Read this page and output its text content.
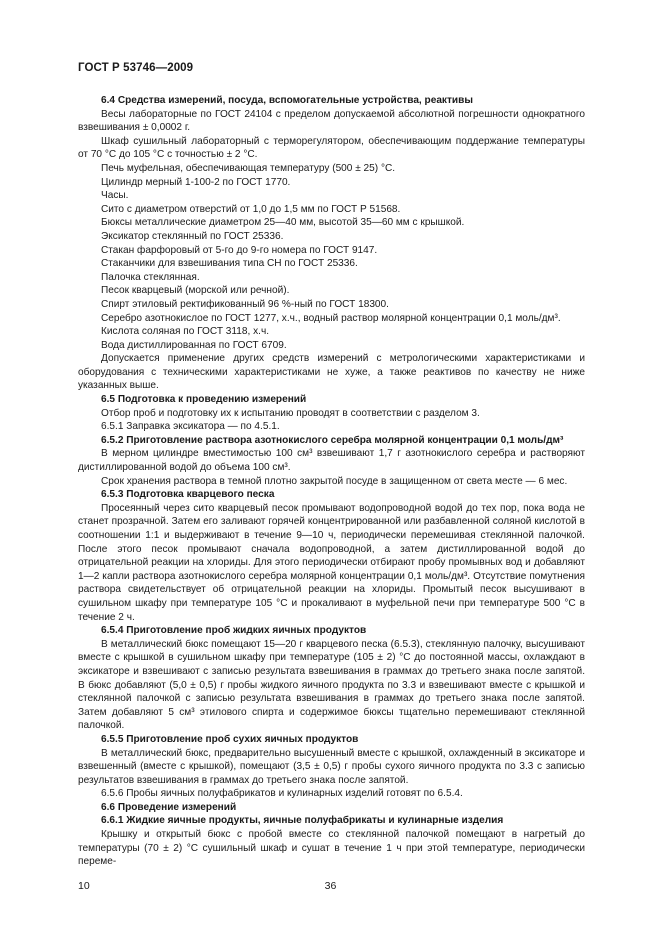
ГОСТ Р 53746—2009

6.4 Средства измерений, посуда, вспомогательные устройства, реактивы

Весы лабораторные по ГОСТ 24104 с пределом допускаемой абсолютной погрешности однократного взвешивания ± 0,0002 г.

Шкаф сушильный лабораторный с терморегулятором, обеспечивающим поддержание температуры от 70 °С до 105 °С с точностью ± 2 °С.

Печь муфельная, обеспечивающая температуру (500 ± 25) °С.

Цилиндр мерный 1-100-2 по ГОСТ 1770.

Часы.

Сито с диаметром отверстий от 1,0 до 1,5 мм по ГОСТ Р 51568.

Бюксы металлические диаметром 25—40 мм, высотой 35—60 мм с крышкой.

Эксикатор стеклянный по ГОСТ 25336.

Стакан фарфоровый от 5-го до 9-го номера по ГОСТ 9147.

Стаканчики для взвешивания типа СН по ГОСТ 25336.

Палочка стеклянная.

Песок кварцевый (морской или речной).

Спирт этиловый ректификованный 96 %-ный по ГОСТ 18300.

Серебро азотнокислое по ГОСТ 1277, х.ч., водный раствор молярной концентрации 0,1 моль/дм³.

Кислота соляная по ГОСТ 3118, х.ч.

Вода дистиллированная по ГОСТ 6709.

Допускается применение других средств измерений с метрологическими характеристиками и оборудования с техническими характеристиками не хуже, а также реактивов по качеству не ниже указанных выше.

6.5 Подготовка к проведению измерений

Отбор проб и подготовку их к испытанию проводят в соответствии с разделом 3.

6.5.1 Заправка эксикатора — по 4.5.1.

6.5.2 Приготовление раствора азотнокислого серебра молярной концентрации 0,1 моль/дм³

В мерном цилиндре вместимостью 100 см³ взвешивают 1,7 г азотнокислого серебра и растворяют дистиллированной водой до объема 100 см³.

Срок хранения раствора в темной плотно закрытой посуде в защищенном от света месте — 6 мес.

6.5.3 Подготовка кварцевого песка

Просеянный через сито кварцевый песок промывают водопроводной водой до тех пор, пока вода не станет прозрачной. Затем его заливают горячей концентрированной или разбавленной соляной кислотой в соотношении 1:1 и выдерживают в течение 9—10 ч, периодически перемешивая стеклянной палочкой. После этого песок промывают сначала водопроводной, а затем дистиллированной водой до отрицательной реакции на хлориды. Для этого периодически отбирают пробу промывных вод и добавляют 1—2 капли раствора азотнокислого серебра молярной концентрации 0,1 моль/дм³. Отсутствие помутнения раствора свидетельствует об отрицательной реакции на хлориды. Промытый песок высушивают в сушильном шкафу при температуре 105 °С и прокаливают в муфельной печи при температуре 500 °С в течение 2 ч.

6.5.4 Приготовление проб жидких яичных продуктов

В металлический бюкс помещают 15—20 г кварцевого песка (6.5.3), стеклянную палочку, высушивают вместе с крышкой в сушильном шкафу при температуре (105 ± 2) °С до постоянной массы, охлаждают в эксикаторе и взвешивают с записью результата взвешивания в граммах до третьего знака после запятой. В бюкс добавляют (5,0 ± 0,5) г пробы жидкого яичного продукта по 3.3 и взвешивают вместе с крышкой и стеклянной палочкой с записью результата взвешивания в граммах до третьего знака после запятой. Затем добавляют 5 см³ этилового спирта и содержимое бюксы тщательно перемешивают стеклянной палочкой.

6.5.5 Приготовление проб сухих яичных продуктов

В металлический бюкс, предварительно высушенный вместе с крышкой, охлажденный в эксикаторе и взвешенный (вместе с крышкой), помещают (3,5 ± 0,5) г пробы сухого яичного продукта по 3.3 с записью результатов взвешивания в граммах до третьего знака после запятой.

6.5.6 Пробы яичных полуфабрикатов и кулинарных изделий готовят по 6.5.4.

6.6 Проведение измерений

6.6.1 Жидкие яичные продукты, яичные полуфабрикаты и кулинарные изделия

Крышку и открытый бюкс с пробой вместе со стеклянной палочкой помещают в нагретый до температуры (70 ± 2) °С сушильный шкаф и сушат в течение 1 ч при этой температуре, периодически переме-

10	36
